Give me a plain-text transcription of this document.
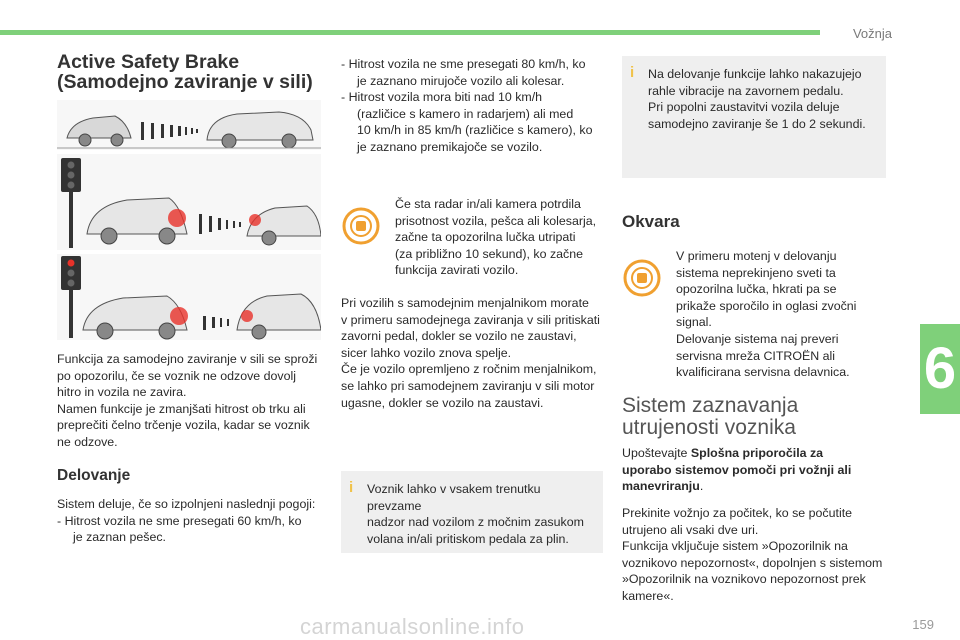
Vožnja
6
159
carmanualsonline.info
Active Safety Brake
(Samodejno zaviranje v sili)

Funkcija za samodejno zaviranje v sili se sproži

po opozorilu, če se voznik ne odzove dovolj

hitro in vozila ne zavira.

Namen funkcije je zmanjšati hitrost ob trku ali

preprečiti čelno trčenje vozila, kadar se voznik

ne odzove.

Delovanje

Sistem deluje, če so izpolnjeni naslednji pogoji:

- Hitrost vozila ne sme presegati 60 km/h, ko

je zaznan pešec.

- Hitrost vozila ne sme presegati 80 km/h, ko

je zaznano mirujoče vozilo ali kolesar.

- Hitrost vozila mora biti nad 10 km/h

(različice s kamero in radarjem) ali med

10 km/h in 85 km/h (različice s kamero), ko

je zaznano premikajoče se vozilo.

Če sta radar in/ali kamera potrdila

prisotnost vozila, pešca ali kolesarja,

začne ta opozorilna lučka utripati

(za približno 10 sekund), ko začne

funkcija zavirati vozilo.

Pri vozilih s samodejnim menjalnikom morate

v primeru samodejnega zaviranja v sili pritiskati

zavorni pedal, dokler se vozilo ne zaustavi,

sicer lahko vozilo znova spelje.

Če je vozilo opremljeno z ročnim menjalnikom,

se lahko pri samodejnem zaviranju v sili motor

ugasne, dokler se vozilo na zaustavi.

i Voznik lahko v vsakem trenutku prevzame

nadzor nad vozilom z močnim zasukom

volana in/ali pritiskom pedala za plin.

i Na delovanje funkcije lahko nakazujejo

rahle vibracije na zavornem pedalu.

Pri popolni zaustavitvi vozila deluje

samodejno zaviranje še 1 do 2 sekundi.

Okvara

V primeru motenj v delovanju

sistema neprekinjeno sveti ta

opozorilna lučka, hkrati pa se

prikaže sporočilo in oglasi zvočni

signal.

Delovanje sistema naj preveri

servisna mreža CITROËN ali

kvalificirana servisna delavnica.

Sistem zaznavanja
utrujenosti voznika

Upoštevajte Splošna priporočila za

uporabo sistemov pomoči pri vožnji ali

manevriranju.

Prekinite vožnjo za počitek, ko se počutite

utrujeno ali vsaki dve uri.

Funkcija vključuje sistem »Opozorilnik na

voznikovo nepozornost«, dopolnjen s sistemom

»Opozorilnik na voznikovo nepozornost prek

kamere«.
